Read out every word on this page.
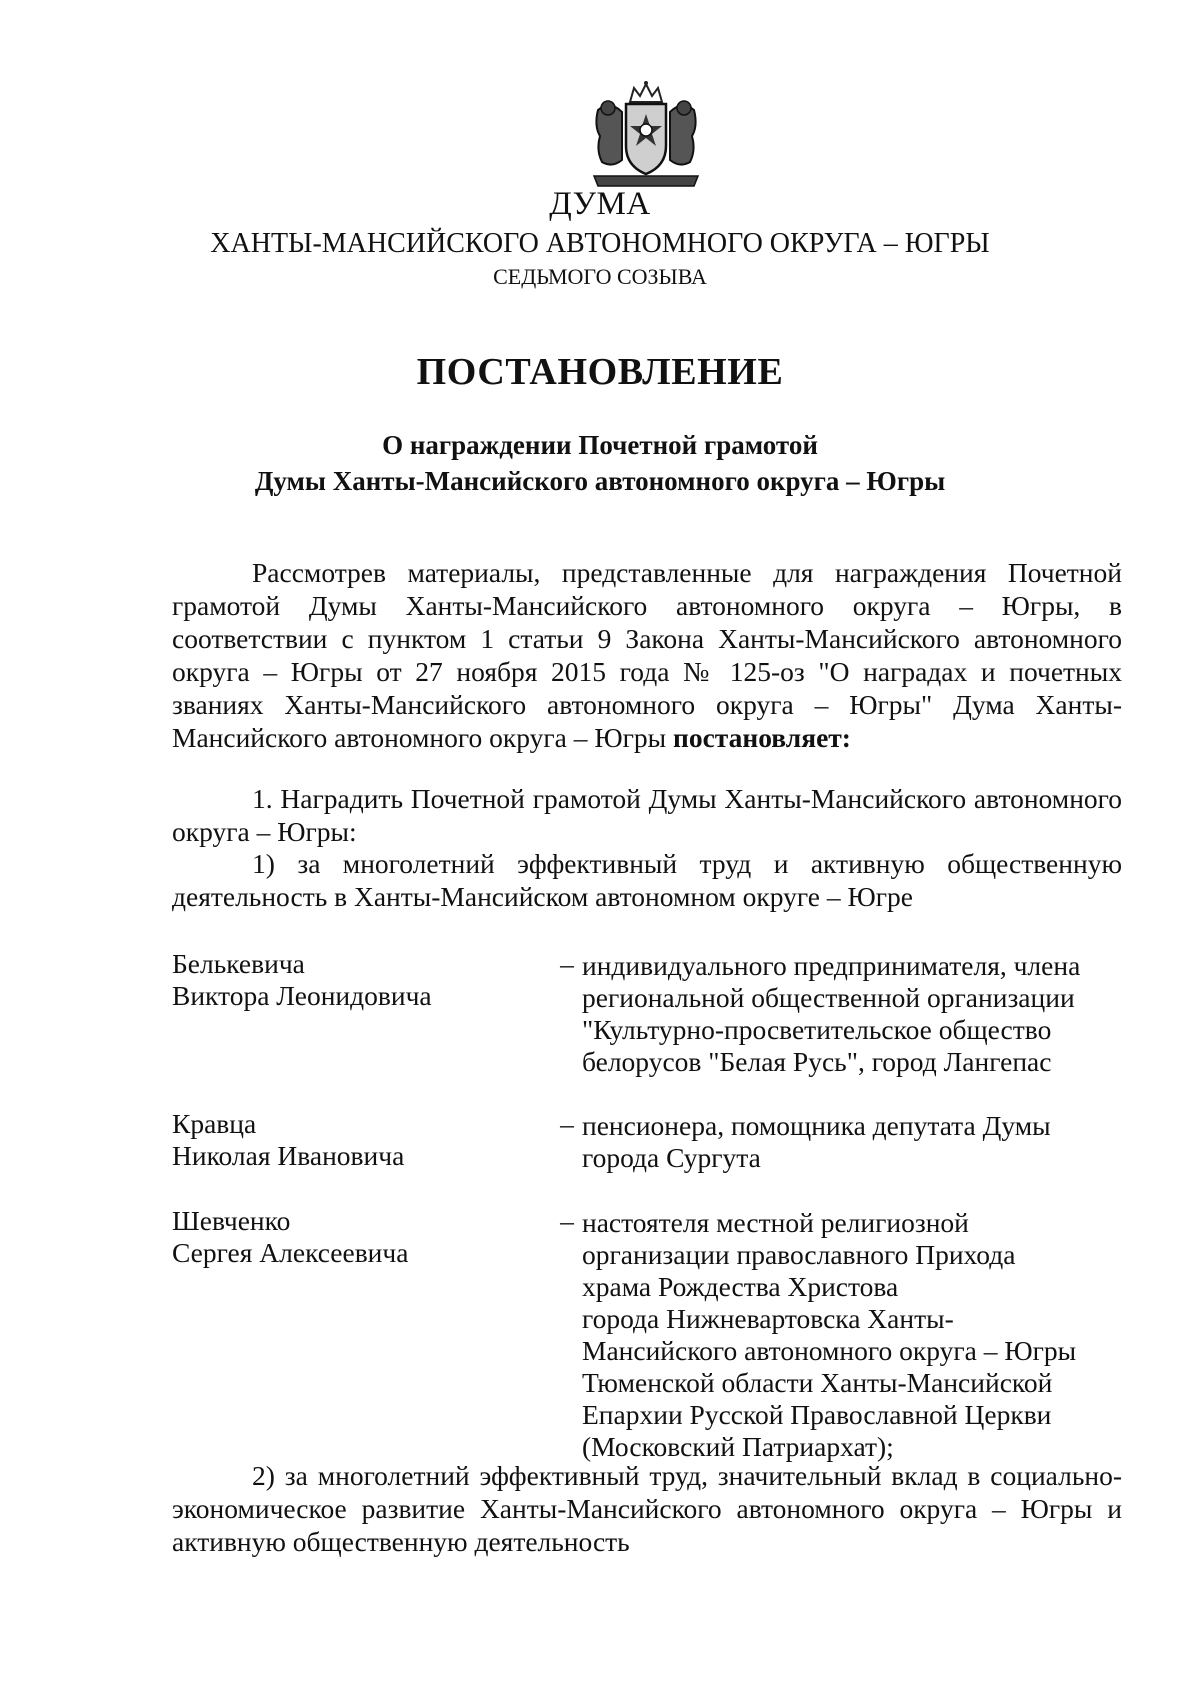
ДУМА
ХАНТЫ-МАНСИЙСКОГО АВТОНОМНОГО ОКРУГА – ЮГРЫ
СЕДЬМОГО СОЗЫВА
ПОСТАНОВЛЕНИЕ
О награждении Почетной грамотой
Думы Ханты-Мансийского автономного округа – Югры
Рассмотрев материалы, представленные для награждения Почетной грамотой Думы Ханты-Мансийского автономного округа – Югры, в соответствии с пунктом 1 статьи 9 Закона Ханты-Мансийского автономного округа – Югры от 27 ноября 2015 года № 125-оз "О наградах и почетных званиях Ханты-Мансийского автономного округа – Югры" Дума Ханты-Мансийского автономного округа – Югры постановляет:
1. Наградить Почетной грамотой Думы Ханты-Мансийского автономного округа – Югры:
1) за многолетний эффективный труд и активную общественную деятельность в Ханты-Мансийском автономном округе – Югре
Белькевича
Виктора Леонидовича
– индивидуального предпринимателя, члена
региональной общественной организации
"Культурно-просветительское общество
белорусов "Белая Русь", город Лангепас
Кравца
Николая Ивановича
– пенсионера, помощника депутата Думы
города Сургута
Шевченко
Сергея Алексеевича
– настоятеля местной религиозной
организации православного Прихода
храма Рождества Христова
города Нижневартовска Ханты-
Мансийского автономного округа – Югры
Тюменской области Ханты-Мансийской
Епархии Русской Православной Церкви
(Московский Патриархат);
2) за многолетний эффективный труд, значительный вклад в социально-экономическое развитие Ханты-Мансийского автономного округа – Югры и активную общественную деятельность
